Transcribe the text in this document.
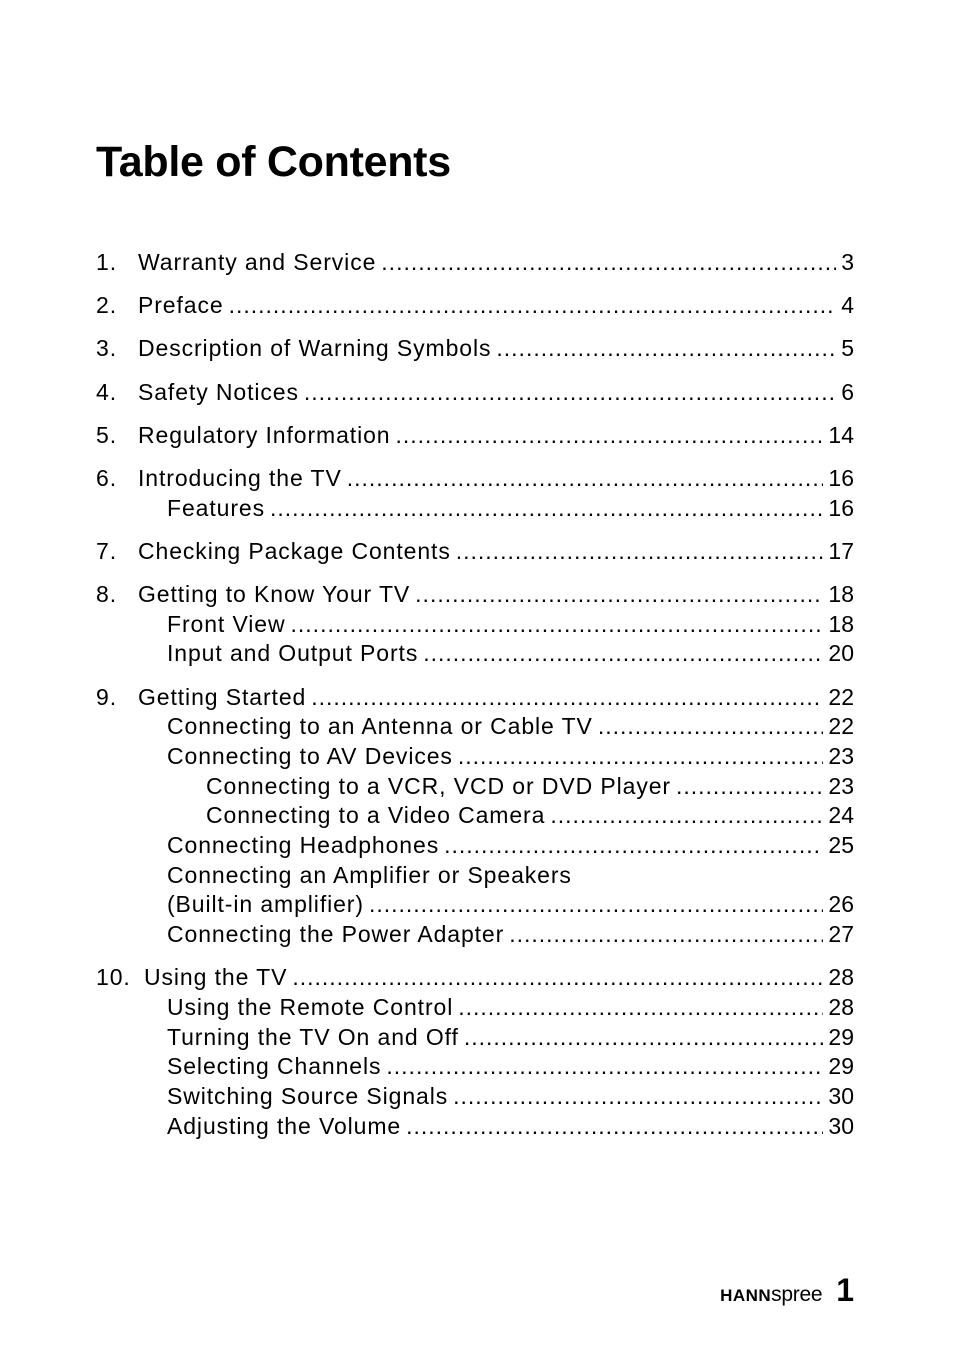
Table of Contents
1. Warranty and Service .....	3
2. Preface .....	4
3. Description of Warning Symbols .....	5
4. Safety Notices .....	6
5. Regulatory Information .....	14
6. Introducing the TV .....	16
Features .....	16
7. Checking Package Contents .....	17
8. Getting to Know Your TV .....	18
Front View .....	18
Input and Output Ports .....	20
9. Getting Started .....	22
Connecting to an Antenna or Cable TV .....	22
Connecting to AV Devices .....	23
Connecting to a VCR, VCD or DVD Player .....	23
Connecting to a Video Camera .....	24
Connecting Headphones .....	25
Connecting an Amplifier or Speakers
(Built-in amplifier) .....	26
Connecting the Power Adapter .....	27
10. Using the TV .....	28
Using the Remote Control .....	28
Turning the TV On and Off .....	29
Selecting Channels .....	29
Switching Source Signals .....	30
Adjusting the Volume .....	30
HANNspree 1
